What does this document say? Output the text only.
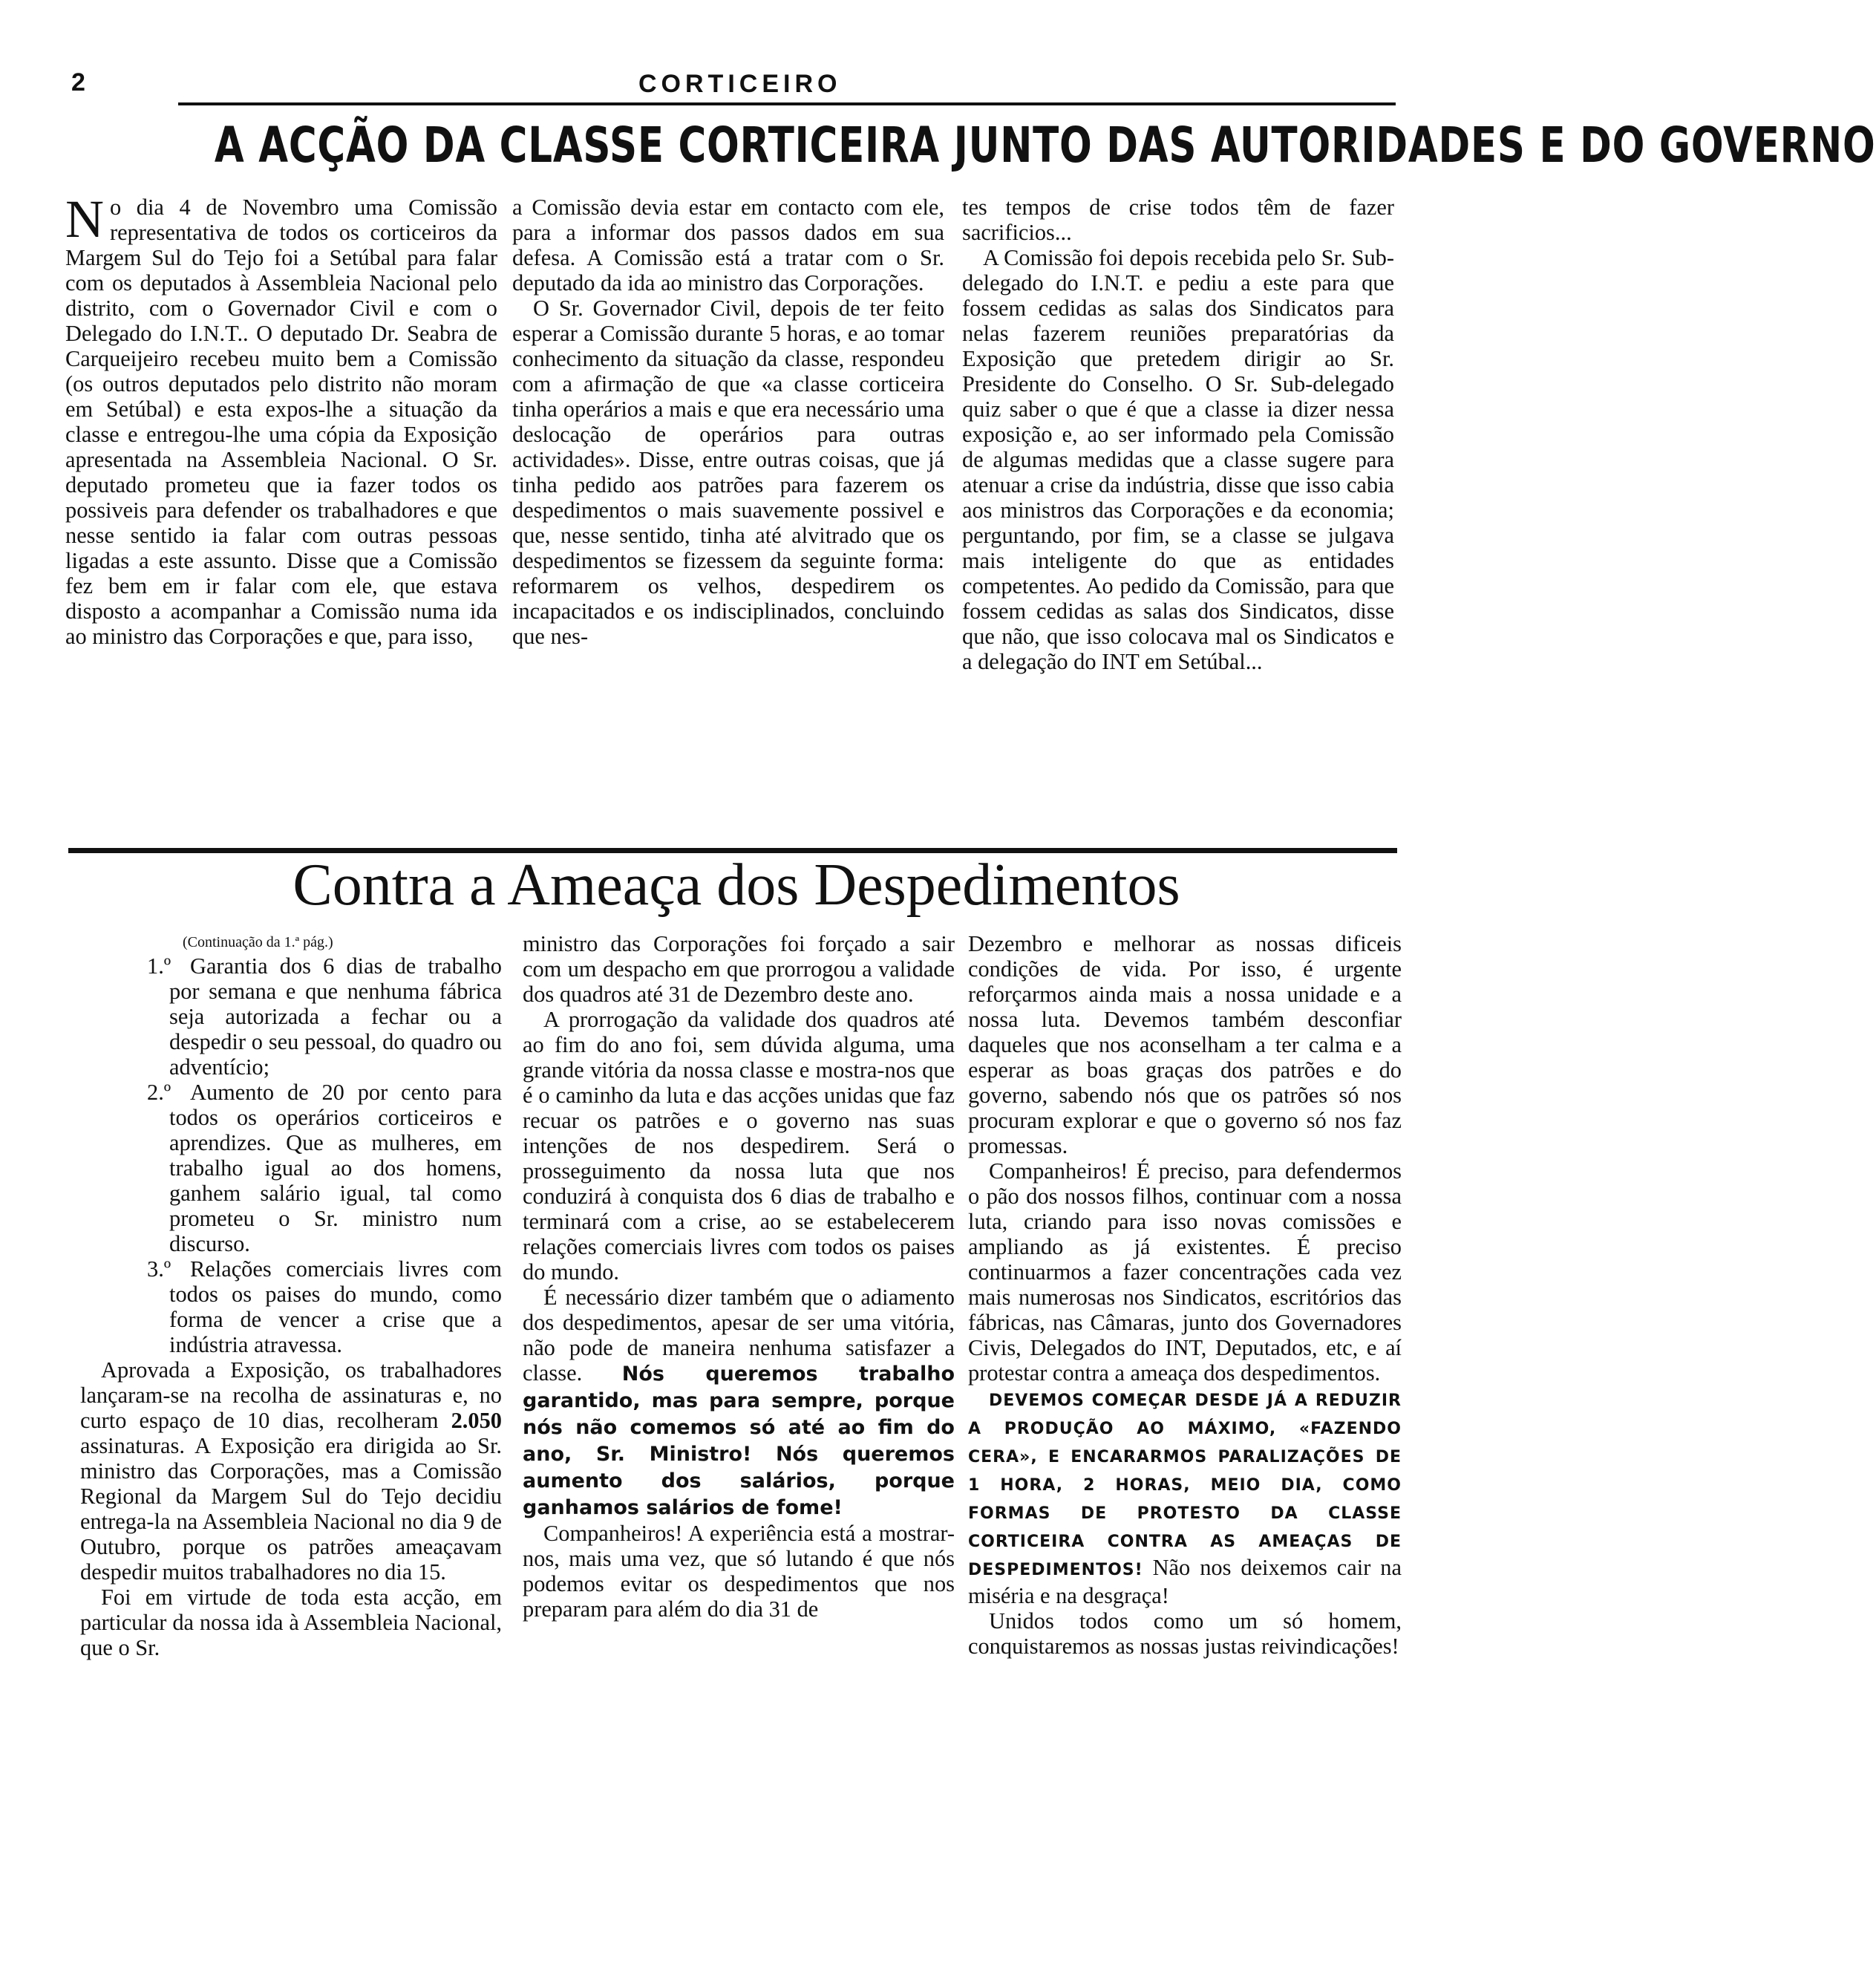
2	CORTICEIRO
A ACÇÃO DA CLASSE CORTICEIRA JUNTO DAS AUTORIDADES E DO GOVERNO

No dia 4 de Novembro uma Comissão representativa de todos os corticeiros da Margem Sul do Tejo foi a Setúbal para falar com os deputados à Assembleia Nacional pelo distrito, com o Governador Civil e com o Delegado do I.N.T.. O deputado Dr. Seabra de Carqueijeiro recebeu muito bem a Comissão (os outros deputados pelo distrito não moram em Setúbal) e esta expos-lhe a situação da classe e entregou-lhe uma cópia da Exposição apresentada na Assembleia Nacional. O Sr. deputado prometeu que ia fazer todos os possiveis para defender os trabalhadores e que nesse sentido ia falar com outras pessoas ligadas a este assunto. Disse que a Comissão fez bem em ir falar com ele, que estava disposto a acompanhar a Comissão numa ida ao ministro das Corporações e que, para isso,

a Comissão devia estar em contacto com ele, para a informar dos passos dados em sua defesa. A Comissão está a tratar com o Sr. deputado da ida ao ministro das Corporações.

O Sr. Governador Civil, depois de ter feito esperar a Comissão durante 5 horas, e ao tomar conhecimento da situação da classe, respondeu com a afirmação de que «a classe corticeira tinha operários a mais e que era necessário uma deslocação de operários para outras actividades». Disse, entre outras coisas, que já tinha pedido aos patrões para fazerem os despedimentos o mais suavemente possivel e que, nesse sentido, tinha até alvitrado que os despedimentos se fizessem da seguinte forma: reformarem os velhos, despedirem os incapacitados e os indisciplinados, concluindo que nes-

tes tempos de crise todos têm de fazer sacrificios...

A Comissão foi depois recebida pelo Sr. Sub-delegado do I.N.T. e pediu a este para que fossem cedidas as salas dos Sindicatos para nelas fazerem reuniões preparatórias da Exposição que pretedem dirigir ao Sr. Presidente do Conselho. O Sr. Sub-delegado quiz saber o que é que a classe ia dizer nessa exposição e, ao ser informado pela Comissão de algumas medidas que a classe sugere para atenuar a crise da indústria, disse que isso cabia aos ministros das Corporações e da economia; perguntando, por fim, se a classe se julgava mais inteligente do que as entidades competentes. Ao pedido da Comissão, para que fossem cedidas as salas dos Sindicatos, disse que não, que isso colocava mal os Sindicatos e a delegação do INT em Setúbal...

Contra a Ameaça dos Despedimentos

(Continuação da 1.ª pág.)

1.º Garantia dos 6 dias de trabalho por semana e que nenhuma fábrica seja autorizada a fechar ou a despedir o seu pessoal, do quadro ou adventício;

2.º Aumento de 20 por cento para todos os operários corticeiros e aprendizes. Que as mulheres, em trabalho igual ao dos homens, ganhem salário igual, tal como prometeu o Sr. ministro num discurso.

3.º Relações comerciais livres com todos os paises do mundo, como forma de vencer a crise que a indústria atravessa.

Aprovada a Exposição, os trabalhadores lançaram-se na recolha de assinaturas e, no curto espaço de 10 dias, recolheram 2.050 assinaturas. A Exposição era dirigida ao Sr. ministro das Corporações, mas a Comissão Regional da Margem Sul do Tejo decidiu entrega-la na Assembleia Nacional no dia 9 de Outubro, porque os patrões ameaçavam despedir muitos trabalhadores no dia 15.

Foi em virtude de toda esta acção, em particular da nossa ida à Assembleia Nacional, que o Sr.

ministro das Corporações foi forçado a sair com um despacho em que prorrogou a validade dos quadros até 31 de Dezembro deste ano.

A prorrogação da validade dos quadros até ao fim do ano foi, sem dúvida alguma, uma grande vitória da nossa classe e mostra-nos que é o caminho da luta e das acções unidas que faz recuar os patrões e o governo nas suas intenções de nos despedirem. Será o prosseguimento da nossa luta que nos conduzirá à conquista dos 6 dias de trabalho e terminará com a crise, ao se estabelecerem relações comerciais livres com todos os paises do mundo.

É necessário dizer também que o adiamento dos despedimentos, apesar de ser uma vitória, não pode de maneira nenhuma satisfazer a classe. Nós queremos trabalho garantido, mas para sempre, porque nós não comemos só até ao fim do ano, Sr. Ministro! Nós queremos aumento dos salários, porque ganhamos salários de fome!

Companheiros! A experiência está a mostrar-nos, mais uma vez, que só lutando é que nós podemos evitar os despedimentos que nos preparam para além do dia 31 de

Dezembro e melhorar as nossas dificeis condições de vida. Por isso, é urgente reforçarmos ainda mais a nossa unidade e a nossa luta. Devemos também desconfiar daqueles que nos aconselham a ter calma e a esperar as boas graças dos patrões e do governo, sabendo nós que os patrões só nos procuram explorar e que o governo só nos faz promessas.

Companheiros! É preciso, para defendermos o pão dos nossos filhos, continuar com a nossa luta, criando para isso novas comissões e ampliando as já existentes. É preciso continuarmos a fazer concentrações cada vez mais numerosas nos Sindicatos, escritórios das fábricas, nas Câmaras, junto dos Governadores Civis, Delegados do INT, Deputados, etc, e aí protestar contra a ameaça dos despedimentos.

DEVEMOS COMEÇAR DESDE JÁ A REDUZIR A PRODUÇÃO AO MÁXIMO, «FAZENDO CERA», E ENCARARMOS PARALIZAÇÕES DE 1 HORA, 2 HORAS, MEIO DIA, COMO FORMAS DE PROTESTO DA CLASSE CORTICEIRA CONTRA AS AMEAÇAS DE DESPEDIMENTOS! Não nos deixemos cair na miséria e na desgraça!

Unidos todos como um só homem, conquistaremos as nossas justas reivindicações!
